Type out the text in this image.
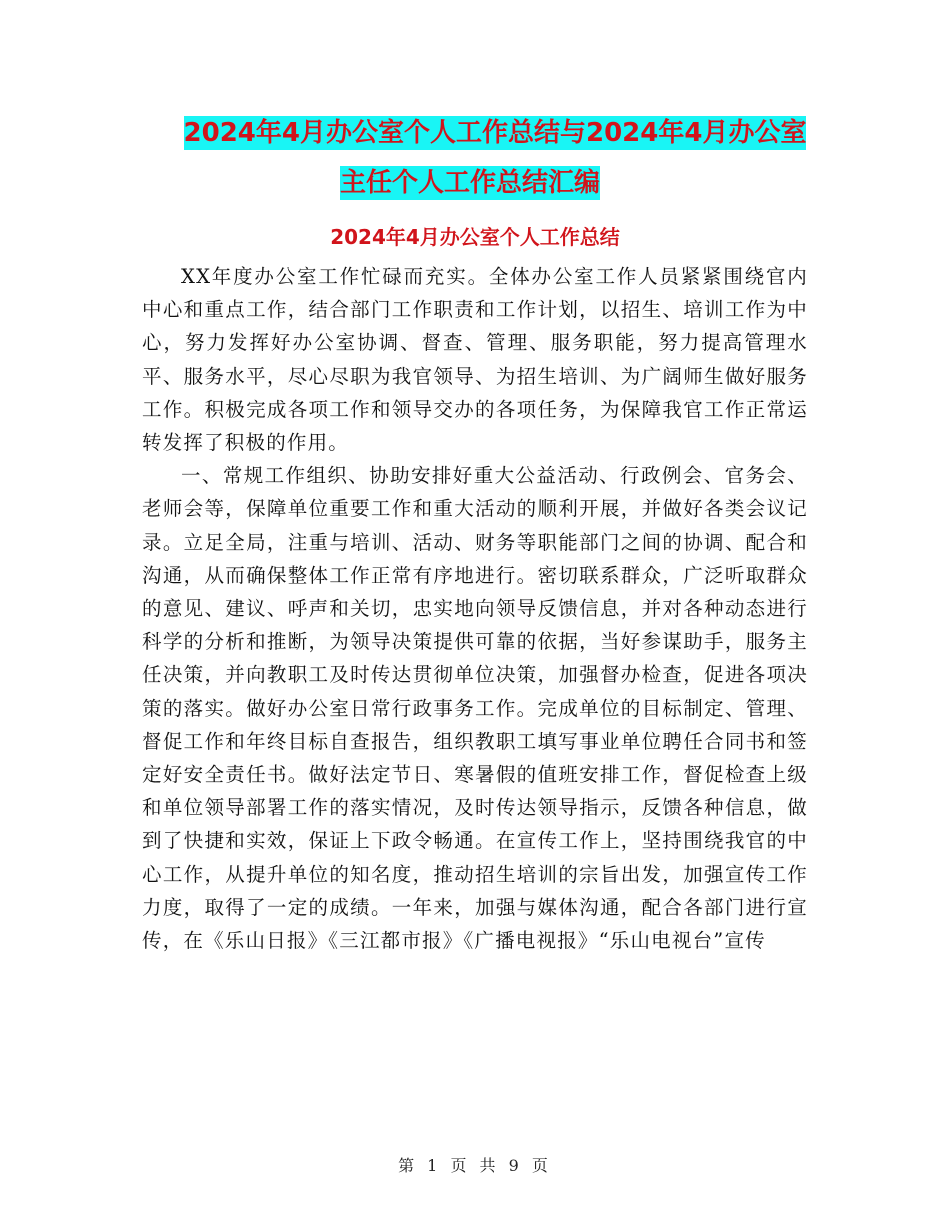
2024年4月办公室个人工作总结与2024年4月办公室
主任个人工作总结汇编
2024年4月办公室个人工作总结

XX年度办公室工作忙碌而充实。全体办公室工作人员紧紧围绕官内中心和重点工作，结合部门工作职责和工作计划，以招生、培训工作为中心，努力发挥好办公室协调、督查、管理、服务职能，努力提高管理水平、服务水平，尽心尽职为我官领导、为招生培训、为广阔师生做好服务工作。积极完成各项工作和领导交办的各项任务，为保障我官工作正常运转发挥了积极的作用。

一、常规工作组织、协助安排好重大公益活动、行政例会、官务会、老师会等，保障单位重要工作和重大活动的顺利开展，并做好各类会议记录。立足全局，注重与培训、活动、财务等职能部门之间的协调、配合和沟通，从而确保整体工作正常有序地进行。密切联系群众，广泛听取群众的意见、建议、呼声和关切，忠实地向领导反馈信息，并对各种动态进行科学的分析和推断，为领导决策提供可靠的依据，当好参谋助手，服务主任决策，并向教职工及时传达贯彻单位决策，加强督办检查，促进各项决策的落实。做好办公室日常行政事务工作。完成单位的目标制定、管理、督促工作和年终目标自查报告，组织教职工填写事业单位聘任合同书和签定好安全责任书。做好法定节日、寒暑假的值班安排工作，督促检查上级和单位领导部署工作的落实情况，及时传达领导指示，反馈各种信息，做到了快捷和实效，保证上下政令畅通。在宣传工作上，坚持围绕我官的中心工作，从提升单位的知名度，推动招生培训的宗旨出发，加强宣传工作力度，取得了一定的成绩。一年来，加强与媒体沟通，配合各部门进行宣传，在《乐山日报》《三江都市报》《广播电视报》“乐山电视台”宣传

第 1 页 共 9 页
